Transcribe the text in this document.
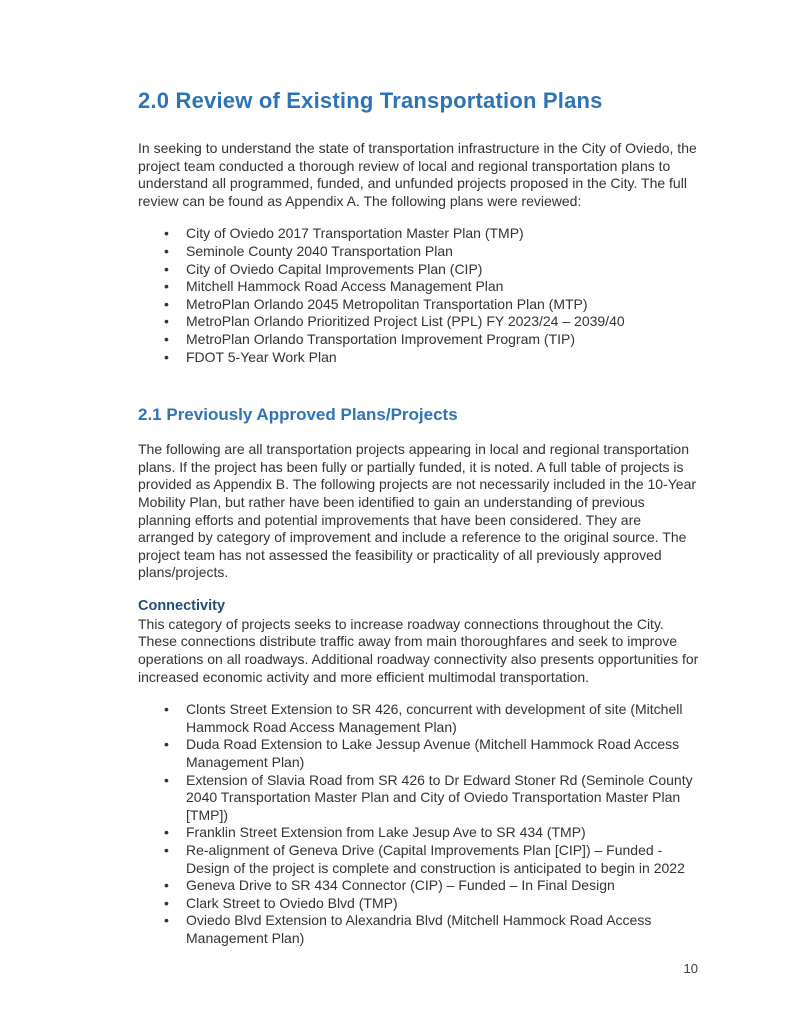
2.0 Review of Existing Transportation Plans

In seeking to understand the state of transportation infrastructure in the City of Oviedo, the project team conducted a thorough review of local and regional transportation plans to understand all programmed, funded, and unfunded projects proposed in the City. The full review can be found as Appendix A. The following plans were reviewed:

• City of Oviedo 2017 Transportation Master Plan (TMP)
• Seminole County 2040 Transportation Plan
• City of Oviedo Capital Improvements Plan (CIP)
• Mitchell Hammock Road Access Management Plan
• MetroPlan Orlando 2045 Metropolitan Transportation Plan (MTP)
• MetroPlan Orlando Prioritized Project List (PPL) FY 2023/24 – 2039/40
• MetroPlan Orlando Transportation Improvement Program (TIP)
• FDOT 5-Year Work Plan
2.1 Previously Approved Plans/Projects

The following are all transportation projects appearing in local and regional transportation plans. If the project has been fully or partially funded, it is noted. A full table of projects is provided as Appendix B. The following projects are not necessarily included in the 10-Year Mobility Plan, but rather have been identified to gain an understanding of previous planning efforts and potential improvements that have been considered. They are arranged by category of improvement and include a reference to the original source. The project team has not assessed the feasibility or practicality of all previously approved plans/projects.

Connectivity

This category of projects seeks to increase roadway connections throughout the City. These connections distribute traffic away from main thoroughfares and seek to improve operations on all roadways. Additional roadway connectivity also presents opportunities for increased economic activity and more efficient multimodal transportation.

• Clonts Street Extension to SR 426, concurrent with development of site (Mitchell Hammock Road Access Management Plan)
• Duda Road Extension to Lake Jessup Avenue (Mitchell Hammock Road Access Management Plan)
• Extension of Slavia Road from SR 426 to Dr Edward Stoner Rd (Seminole County 2040 Transportation Master Plan and City of Oviedo Transportation Master Plan [TMP])
• Franklin Street Extension from Lake Jesup Ave to SR 434 (TMP)
• Re-alignment of Geneva Drive (Capital Improvements Plan [CIP]) – Funded - Design of the project is complete and construction is anticipated to begin in 2022
• Geneva Drive to SR 434 Connector (CIP) – Funded – In Final Design
• Clark Street to Oviedo Blvd (TMP)
• Oviedo Blvd Extension to Alexandria Blvd (Mitchell Hammock Road Access Management Plan)
10
